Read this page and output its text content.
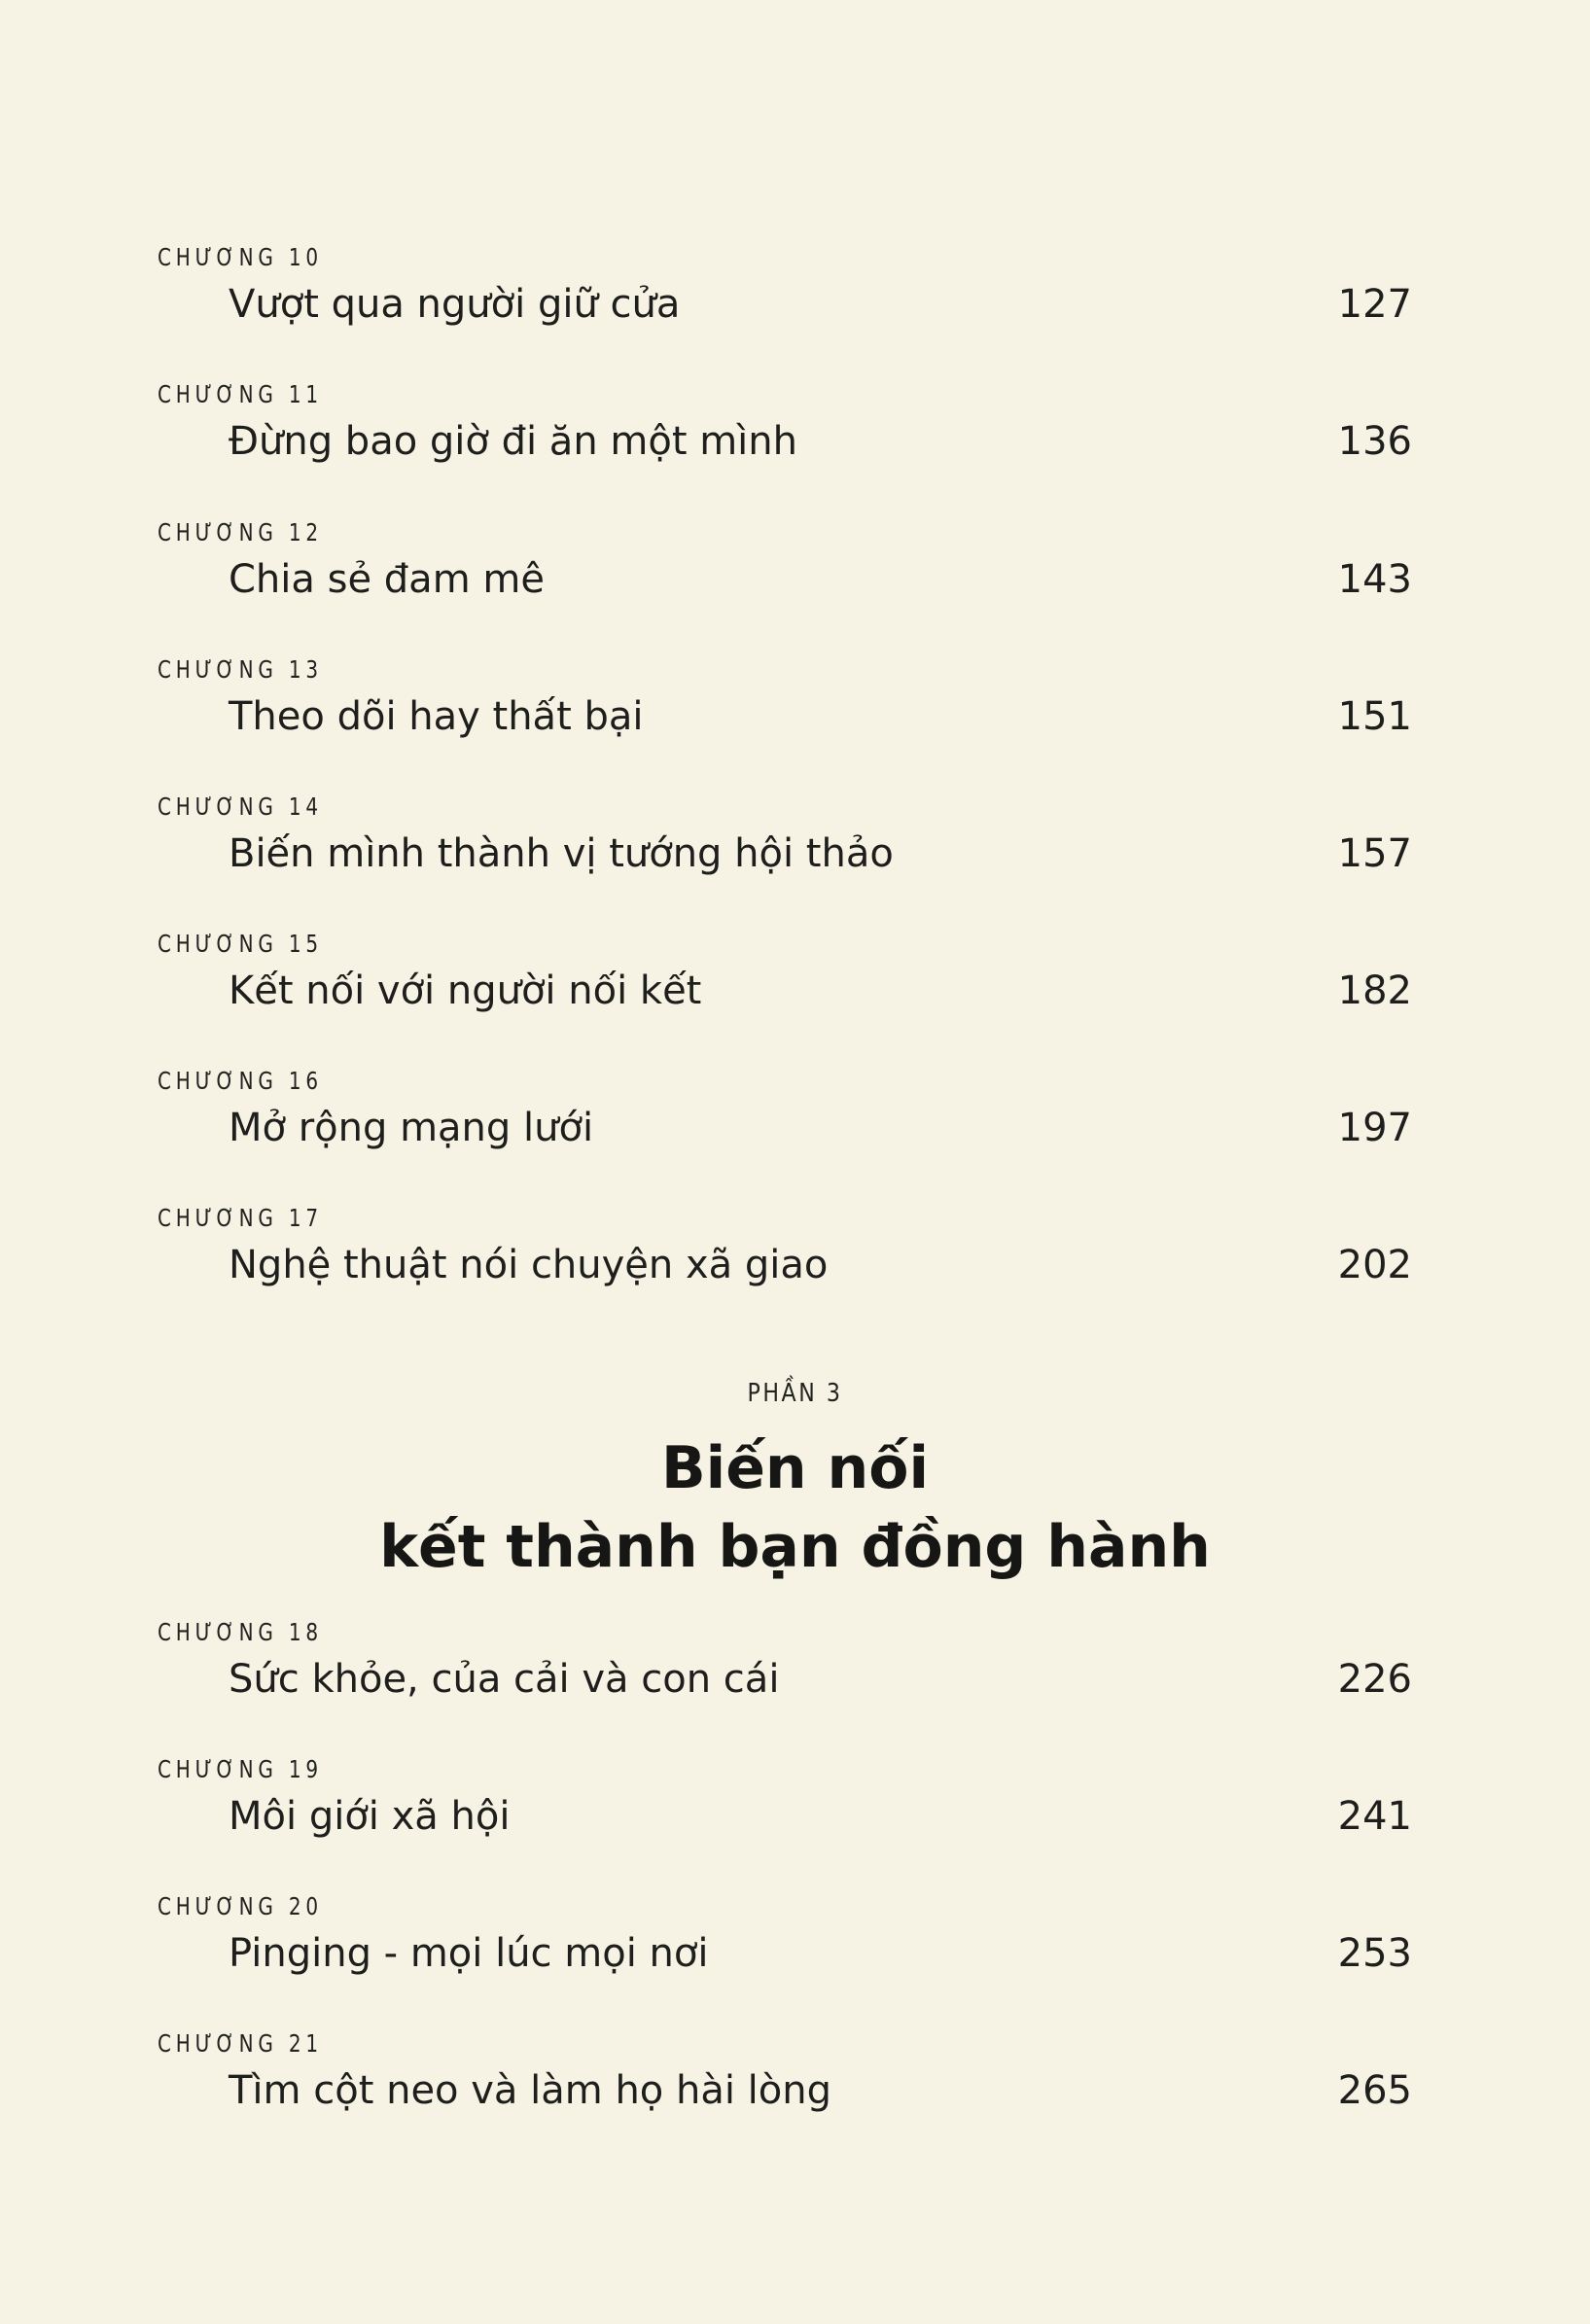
CHƯƠNG 10
Vượt qua người giữ cửa	127
CHƯƠNG 11
Đừng bao giờ đi ăn một mình	136
CHƯƠNG 12
Chia sẻ đam mê	143
CHƯƠNG 13
Theo dõi hay thất bại	151
CHƯƠNG 14
Biến mình thành vị tướng hội thảo	157
CHƯƠNG 15
Kết nối với người nối kết	182
CHƯƠNG 16
Mở rộng mạng lưới	197
CHƯƠNG 17
Nghệ thuật nói chuyện xã giao	202
PHẦN 3
Biến nối
kết thành bạn đồng hành
CHƯƠNG 18
Sức khỏe, của cải và con cái	226
CHƯƠNG 19
Môi giới xã hội	241
CHƯƠNG 20
Pinging - mọi lúc mọi nơi	253
CHƯƠNG 21
Tìm cột neo và làm họ hài lòng	265
